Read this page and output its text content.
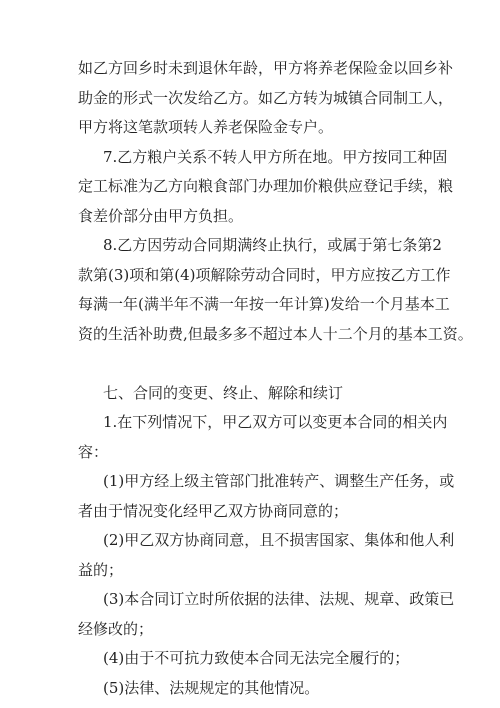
如乙方回乡时未到退休年龄，甲方将养老保险金以回乡补
助金的形式一次发给乙方。如乙方转为城镇合同制工人，
甲方将这笔款项转人养老保险金专户。
7.乙方粮户关系不转人甲方所在地。甲方按同工种固
定工标准为乙方向粮食部门办理加价粮供应登记手续，粮
食差价部分由甲方负担。
8.乙方因劳动合同期满终止执行，或属于第七条第2
款第(3)项和第(4)项解除劳动合同时，甲方应按乙方工作
每满一年(满半年不满一年按一年计算)发给一个月基本工
资的生活补助费,但最多多不超过本人十二个月的基本工资。
七、合同的变更、终止、解除和续订
1.在下列情况下，甲乙双方可以变更本合同的相关内
容：
(1)甲方经上级主管部门批准转产、调整生产任务，或
者由于情况变化经甲乙双方协商同意的；
(2)甲乙双方协商同意，且不损害国家、集体和他人利
益的；
(3)本合同订立时所依据的法律、法规、规章、政策已
经修改的；
(4)由于不可抗力致使本合同无法完全履行的；
(5)法律、法规规定的其他情况。
